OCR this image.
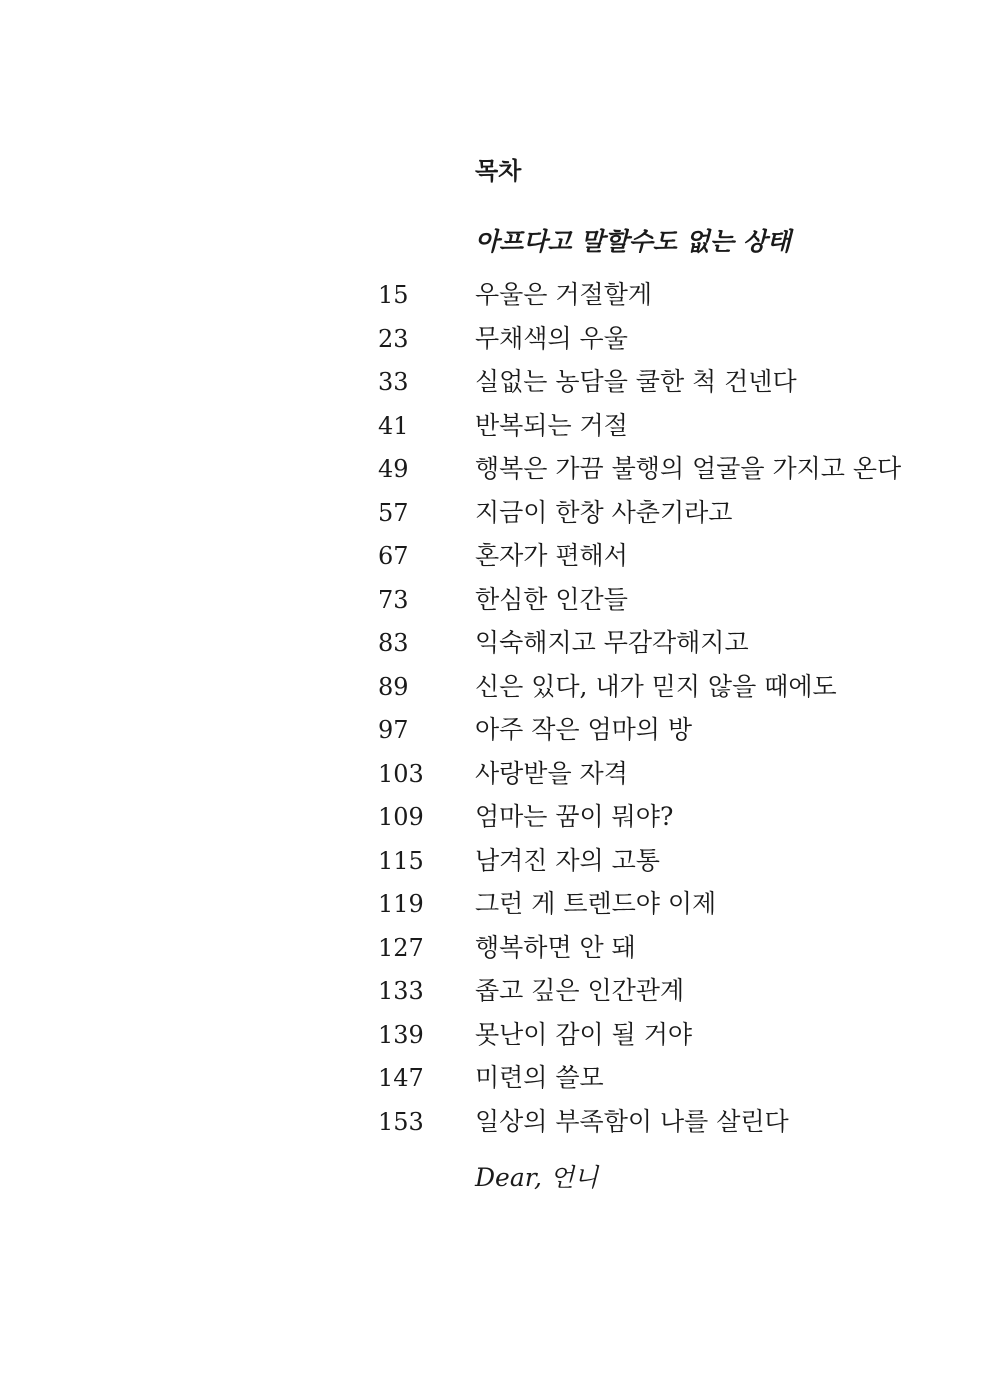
목차
아프다고 말할수도 없는 상태
15	우울은 거절할게
23	무채색의 우울
33	실없는 농담을 쿨한 척 건넨다
41	반복되는 거절
49	행복은 가끔 불행의 얼굴을 가지고 온다
57	지금이 한창 사춘기라고
67	혼자가 편해서
73	한심한 인간들
83	익숙해지고 무감각해지고
89	신은 있다, 내가 믿지 않을 때에도
97	아주 작은 엄마의 방
103 사랑받을 자격
109 엄마는 꿈이 뭐야?
115 남겨진 자의 고통
119 그런 게 트렌드야 이제
127 행복하면 안 돼
133 좁고 깊은 인간관계
139 못난이 감이 될 거야
147 미련의 쓸모
153 일상의 부족함이 나를 살린다

Dear, 언니
